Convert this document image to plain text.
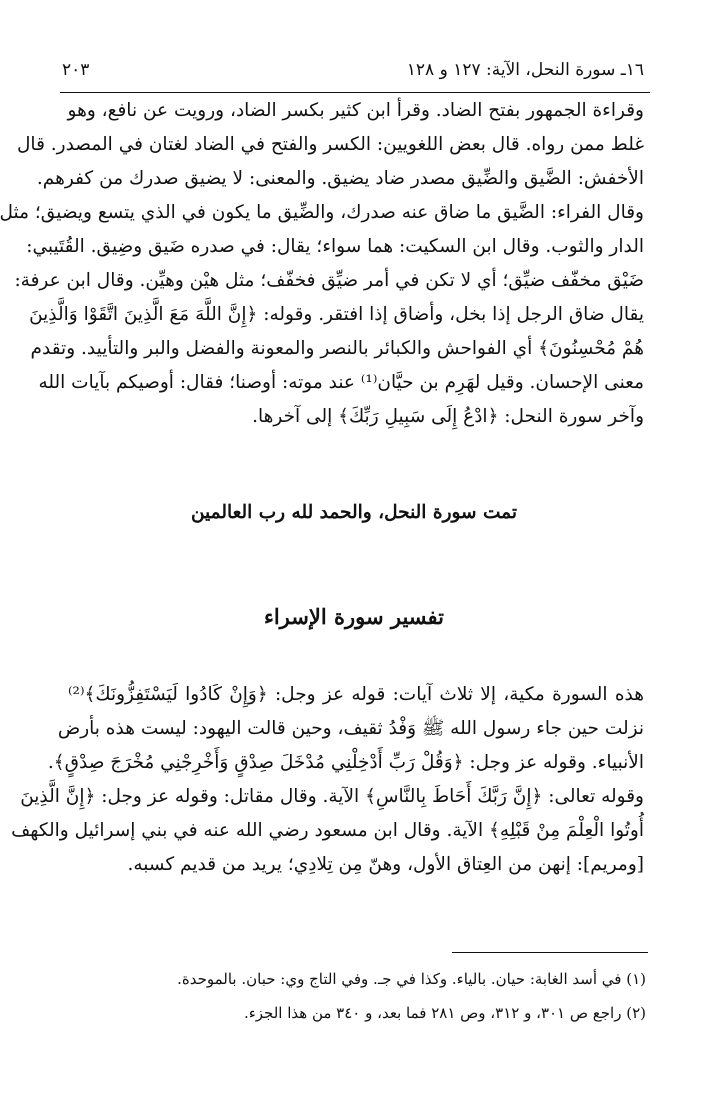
١٦ـ سورة النحل، الآية: ١٢٧ و ١٢٨
٢٠٣
وقراءة الجمهور بفتح الضاد. وقرأ ابن كثير بكسر الضاد، ورويت عن نافع، وهو
غلط ممن رواه. قال بعض اللغويين: الكسر والفتح في الضاد لغتان في المصدر. قال
الأخفش: الضَّيق والضِّيق مصدر ضاد يضيق. والمعنى: لا يضيق صدرك من كفرهم.
وقال الفراء: الضَّيق ما ضاق عنه صدرك، والضِّيق ما يكون في الذي يتسع ويضيق؛ مثل
الدار والثوب. وقال ابن السكيت: هما سواء؛ يقال: في صدره ضَيق وضِيق. القُتَيبي:
ضَيْق مخفّف ضيِّق؛ أي لا تكن في أمر ضيِّق فخفّف؛ مثل هيْن وهيِّن. وقال ابن عرفة:
يقال ضاق الرجل إذا بخل، وأضاق إذا افتقر. وقوله: ﴿إِنَّ اللَّهَ مَعَ الَّذِينَ اتَّقَوْا وَالَّذِينَ
هُمْ مُحْسِنُونَ﴾ أي الفواحش والكبائر بالنصر والمعونة والفضل والبر والتأييد. وتقدم
معنى الإحسان. وقيل لهَرِم بن حيَّان⁽¹⁾ عند موته: أوصنا؛ فقال: أوصيكم بآيات الله
وآخر سورة النحل: ﴿ادْعُ إِلَى سَبِيلِ رَبِّكَ﴾ إلى آخرها.
تمت سورة النحل، والحمد لله رب العالمين
تفسير سورة الإسراء
هذه السورة مكية، إلا ثلاث آيات: قوله عز وجل: ﴿وَإِنْ كَادُوا لَيَسْتَفِزُّونَكَ﴾⁽²⁾
نزلت حين جاء رسول الله ﷺ وَفْدُ ثقيف، وحين قالت اليهود: ليست هذه بأرض
الأنبياء. وقوله عز وجل: ﴿وَقُلْ رَبِّ أَدْخِلْنِي مُدْخَلَ صِدْقٍ وَأَخْرِجْنِي مُخْرَجَ صِدْقٍ﴾.
وقوله تعالى: ﴿إِنَّ رَبَّكَ أَحَاطَ بِالنَّاسِ﴾ الآية. وقال مقاتل: وقوله عز وجل: ﴿إِنَّ الَّذِينَ
أُوتُوا الْعِلْمَ مِنْ قَبْلِهِ﴾ الآية. وقال ابن مسعود رضي الله عنه في بني إسرائيل والكهف
[ومريم]: إنهن من العِتاق الأول، وهنّ مِن تِلادِي؛ يريد من قديم كسبه.
(١) في أسد الغابة: حيان. بالياء. وكذا في جـ. وفي التاج وي: حبان. بالموحدة.
(٢) راجع ص ٣٠١، و ٣١٢، وص ٢٨١ فما بعد، و ٣٤٠ من هذا الجزء.
